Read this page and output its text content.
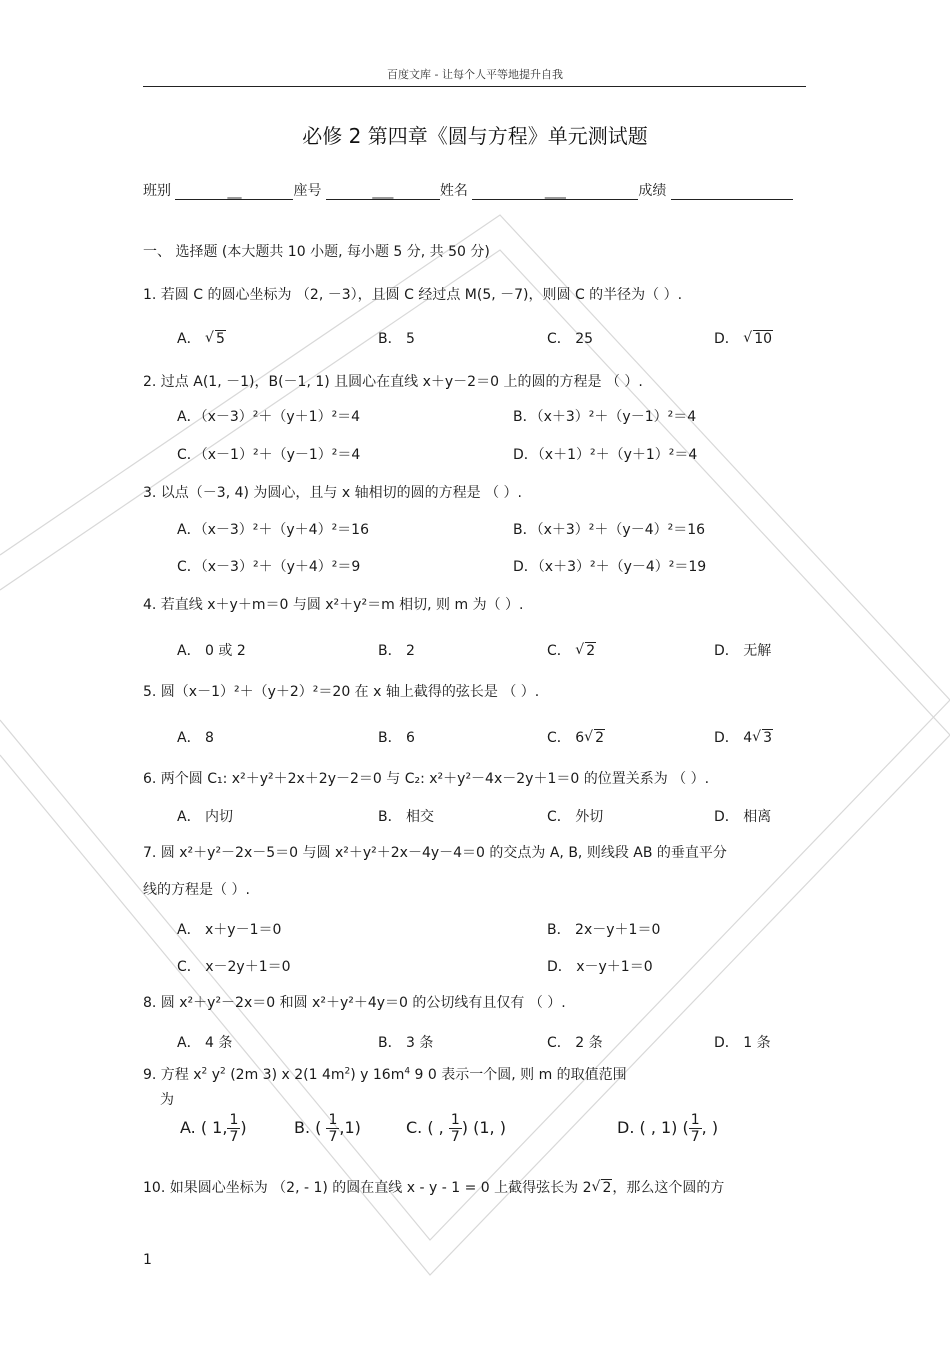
百度文库 - 让每个人平等地提升自我
必修 2 第四章《圆与方程》单元测试题
班别	__	座号	___	姓名	___	成绩
一、 选择题 (本大题共 10 小题, 每小题 5 分, 共 50 分)
1. 若圆 C 的圆心坐标为 （2, －3），且圆 C 经过点 M(5, －7)，则圆 C 的半径为（ ）.
A． √ 5	B． 5	C． 25	D． √ 10
2. 过点 A(1, －1)，B(－1, 1) 且圆心在直线 x＋y－2＝0 上的圆的方程是 （ ）.
A．（x－3）²＋（y＋1）²＝4	B．（x＋3）²＋（y－1）²＝4
C．（x－1）²＋（y－1）²＝4	D．（x＋1）²＋（y＋1）²＝4
3. 以点（－3, 4) 为圆心，且与 x 轴相切的圆的方程是 （ ）.
A．（x－3）²＋（y＋4）²＝16	B．（x＋3）²＋（y－4）²＝16
C．（x－3）²＋（y＋4）²＝9	D．（x＋3）²＋（y－4）²＝19
4. 若直线 x＋y＋m＝0 与圆 x²＋y²＝m 相切, 则 m 为（ ）.
A． 0 或 2	B． 2	C． √ 2	D． 无解
5. 圆（x－1）²＋（y＋2）²＝20 在 x 轴上截得的弦长是 （ ）.
A． 8	B． 6	C． 6 √ 2	D． 4 √ 3
6. 两个圆 C₁: x²＋y²＋2x＋2y－2＝0 与 C₂: x²＋y²－4x－2y＋1＝0 的位置关系为 （ ）.
A． 内切	B． 相交	C． 外切	D． 相离
7. 圆 x²＋y²－2x－5＝0 与圆 x²＋y²＋2x－4y－4＝0 的交点为 A, B, 则线段 AB 的垂直平分
线的方程是（ ）.
A． x＋y－1＝0	B． 2x－y＋1＝0
C． x－2y＋1＝0	D． x－y＋1＝0
8. 圆 x²＋y²－2x＝0 和圆 x²＋y²＋4y＝0 的公切线有且仅有 （ ）.
A． 4 条	B． 3 条	C． 2 条	D． 1 条
9. 方程 $x^2$ $y^2$ (2m 3) x 2(1 $4m^2$) y $16m^4$ 9 0 表示一个圆, 则 m 的取值范围
为
A. ( 1, $\frac{1}{7}$ )	B. ( $\frac{1}{7} ,1$)	C. ( , $\frac{1}{7}$ ) (1, )	D. ( , 1) ( $\frac{1}{7}$ , )
10. 如果圆心坐标为 （2, - 1) 的圆在直线 x - y - 1 = 0 上截得弦长为 2 √ 2，那么这个圆的方
1
